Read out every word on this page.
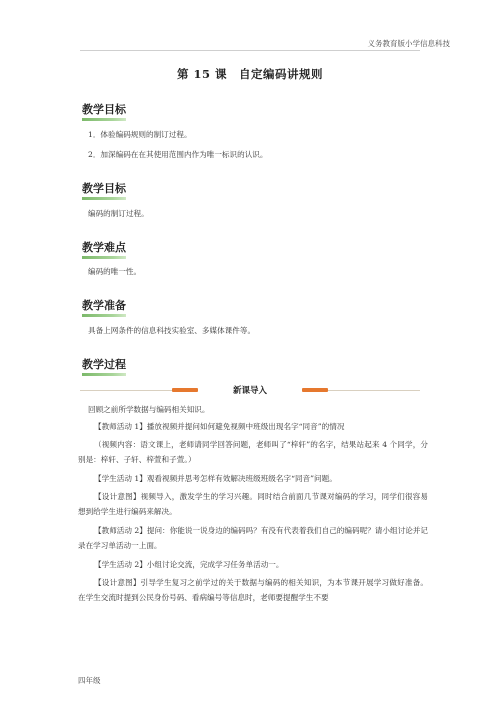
义务教育版小学信息科技
第 15 课 自定编码讲规则
教学目标
1．体验编码规则的制订过程。
2．加深编码在在其使用范围内作为唯一标识的认识。
教学目标
编码的制订过程。
教学难点
编码的唯一性。
教学准备
具备上网条件的信息科技实验室、多媒体课件等。
教学过程
新课导入
回顾之前所学数据与编码相关知识。
【教师活动 1】播放视频并提问如何避免视频中班级出现名字“同音”的情况
（视频内容：语文课上，老师请同学回答问题，老师叫了“梓轩”的名字，结果站起来 4 个同学，分别是：梓轩、子轩、梓萱和子萱。）
【学生活动 1】观看视频并思考怎样有效解决班级班级名字“同音”问题。
【设计意图】视频导入，激发学生的学习兴趣。同时结合前面几节课对编码的学习，同学们很容易想到给学生进行编码来解决。
【教师活动 2】提问：你能说一说身边的编码吗？有没有代表着我们自己的编码呢？请小组讨论并记录在学习单活动一上面。
【学生活动 2】小组讨论交流，完成学习任务单活动一。
【设计意图】引导学生复习之前学过的关于数据与编码的相关知识，为本节课开展学习做好准备。在学生交流时提到公民身份号码、看病编号等信息时，老师要提醒学生不要
四年级
